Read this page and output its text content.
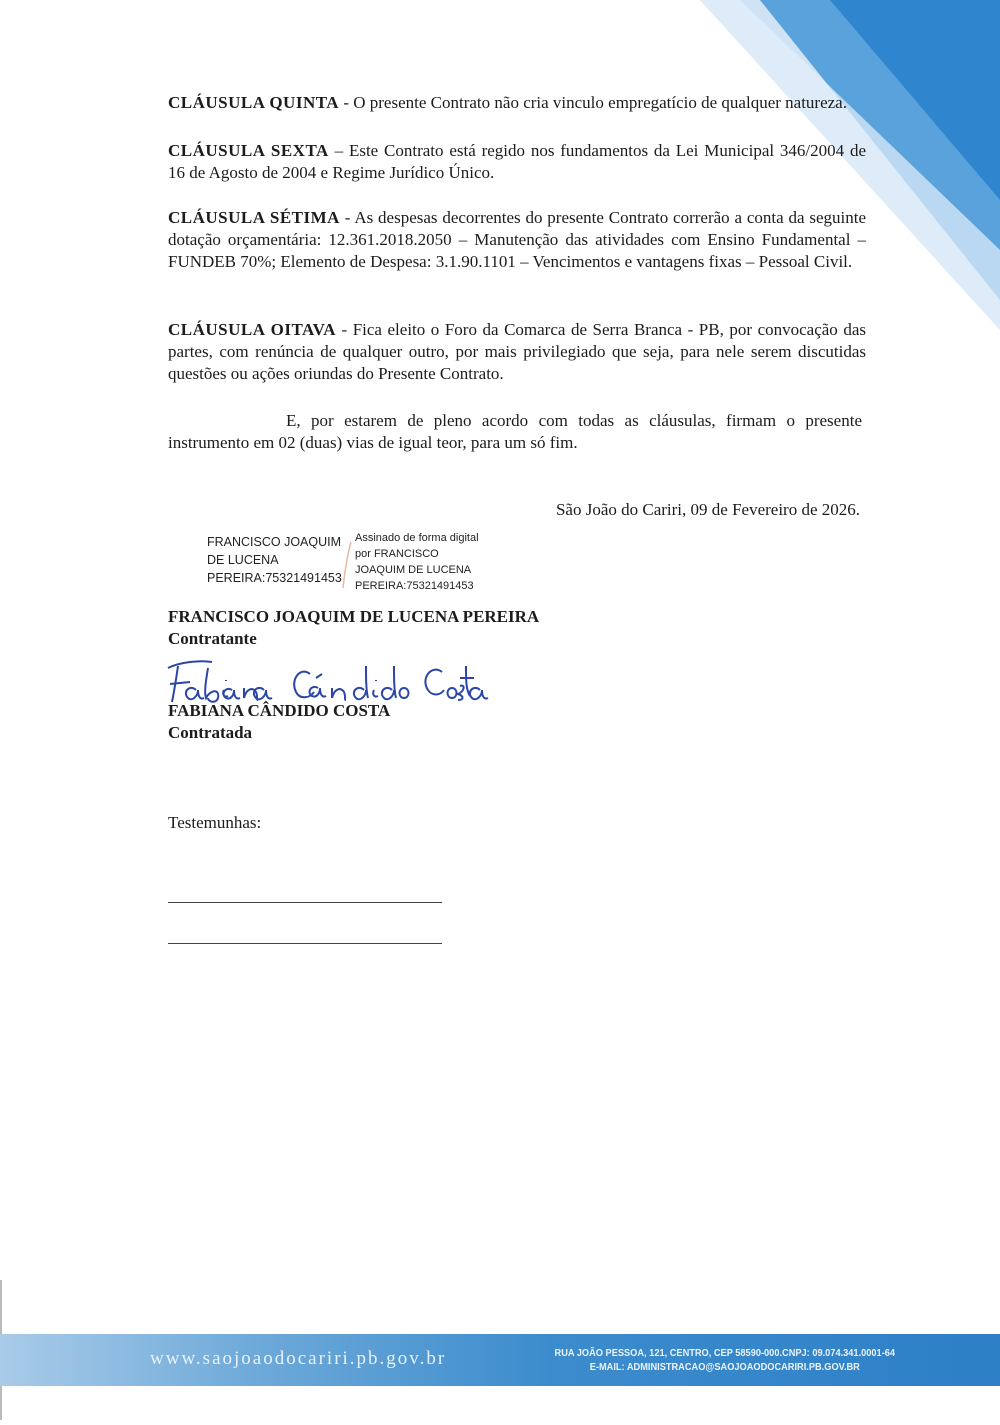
CLÁUSULA QUINTA - O presente Contrato não cria vinculo empregatício de qualquer natureza.
CLÁUSULA SEXTA – Este Contrato está regido nos fundamentos da Lei Municipal 346/2004 de 16 de Agosto de 2004 e Regime Jurídico Único.
CLÁUSULA SÉTIMA - As despesas decorrentes do presente Contrato correrão a conta da seguinte dotação orçamentária: 12.361.2018.2050 – Manutenção das atividades com Ensino Fundamental – FUNDEB 70%; Elemento de Despesa: 3.1.90.1101 – Vencimentos e vantagens fixas – Pessoal Civil.
CLÁUSULA OITAVA - Fica eleito o Foro da Comarca de Serra Branca - PB, por convocação das partes, com renúncia de qualquer outro, por mais privilegiado que seja, para nele serem discutidas questões ou ações oriundas do Presente Contrato.
E, por estarem de pleno acordo com todas as cláusulas, firmam o presente instrumento em 02 (duas) vias de igual teor, para um só fim.
São João do Cariri, 09 de Fevereiro de 2026.
FRANCISCO JOAQUIM
DE LUCENA
PEREIRA:75321491453
Assinado de forma digital
por FRANCISCO
JOAQUIM DE LUCENA
PEREIRA:75321491453
FRANCISCO JOAQUIM DE LUCENA PEREIRA
Contratante
FABIANA CÂNDIDO COSTA
Contratada
Testemunhas:
www.saojoaodocariri.pb.gov.br	RUA JOÃO PESSOA, 121, CENTRO, CEP 58590-000.CNPJ: 09.074.341.0001-64
E-MAIL: ADMINISTRACAO@SAOJOAODOCARIRI.PB.GOV.BR
